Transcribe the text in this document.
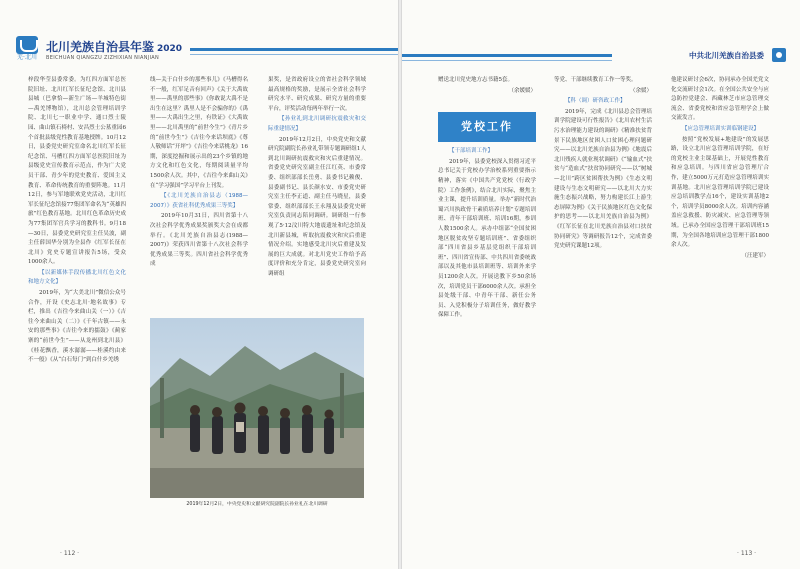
羌·北川
北川羌族自治县年鉴 2020
BEICHUAN QIANGZU ZIZHIXIAN NIANJIAN

梓段华莹县委常委。为红四方面军总医院旧址、北川红军长征纪念馆、北川县县城（巴拿恰—新生广场—羊城特色街—禹羌博物馆），北川总会管理培训学院、北川七一职业中学、通口烈士陵园、曲山镇石椅村、安昌烈士公墓重园6个首批县级党性教育基地授牌。10月12日，县委党史研究室命名北川红军长征纪念馆、马槽红四方面军总医院旧址为县级党史宣传教育示范点，作为广大党员干部、青少年的党史教育、爱国主义教育、革命传统教育的重要阵地。11月12日，参与军地联欢党史活动，北川红军长征纪念馆接77集团军命名为“英雄四旅”红色教育基地。北川红色革命历史成为77集团军官兵学习的教科书。9月18—30日，县委党史研究室主任吴波，副主任薛国华分别为全县作《红军长征在北川》党史专题宣讲报告5场，受众1000余人。

【以新媒体手段传播北川红色文化和地方文化】

2019年，为“大美北川”微信公众号合作，开设《史志北川·地名故事》专栏，推出《吉往今来曲山关（一）》《吉往今来曲山关（二）》《千年古镇——永安的那些事》《吉往今来的擂鼓》《蔺家寨的“前世今生”——从龙州到北川县》《桂花飘香，溪水潺潺——桂溪约由来不一般》《从“白石每门”到白什乡羌绣

线—关于白什乡的那些事儿》《马槽得名不一般，红军足音有回声》《关于大禹故里——禹里的那些事》《你敢说大禹不是出生在这里？禹里人是不会骗你的》《禹里——大禹出生之里，有铁证》《大禹故里——北川禹里的“前世今生”》《青片乡的“前世今生”》《吉往今来话坝底》《尊人敬师话“开坪”》《吉往今来话桃龙》16期，深度挖掘和展示出的23个乡镇的地方文化和红色文化，每期阅读量平均1500余人次。其中，《吉往今来曲山关》在“学习强国”学习平台上刊发。

【《北川羌族自治县志（1988—2007）》获省社科优秀成果三等奖】

2019年10月31日，四川省第十八次社会科学优秀成果奖颁奖大会在成都举行。《北川羌族自治县志(1988—2007)》荣获四川省第十八次社会科学优秀成果三等奖。四川省社会科学优秀成

果奖，是省政府设立的省社会科学领域最高规格的奖励，是展示全省社会科学研究水平、研究成果、研究方量的重要平台，评奖活动每两年举行一次。

【孙业礼到北川调研抗震救灾和交际重建情况】

2019年12月2日，中央党史和文献研究院副院长孙业礼带领专题调研组1人到北川调研抗震救灾和灾后重建情况。省委党史研究室副主任江红英、市委常委、组织部部长岳勇、县委书记赖俊、县委副书记、县长颜水安、市委党史研究室主任李正道、副主任马晓星，县委常委、组织部部长王永翔及县委党史研究室负责同志陪同调研。调研组一行参观了5·12汶川特大地震遗址和纪念馆及北川新县城，听取抗震救灾和灾后重建情况介绍。实地感受北川灾后重建及发展的巨大成就。对北川党史工作给予高度评价和充分肯定，县委党史研究室向调研组

2019年12月2日，中央党史和文献研究院副院长孙业礼在北川调研
· 112 ·
中共北川羌族自治县委

赠送北川党史地方志书籍5套。

（余媛媛）

【干部培训工作】

2019年，县委党校深入贯彻习近平总书记关于党校办学治校系列重要指示精神，落实《中国共产党党校（行政学院）工作条例》，结合北川实际，聚焦主业主课，提升培训质量。举办“新时代治蜀兴川执政骨干素质培养计划”专题培训班、青年干部培训班、培训16期，参训人数1500余人。承办中组部“全国贫困地区脱贫攻坚专题培训班”、省委组织部“四川省县乡基层党组织干部培训班”、四川省宣传部、中共四川省委统战部以及其他市县培训班等、培训外来学员1200余人次。开展送教下乡50余场次，培训党员干部6000余人次。承担全县处级干部、中青年干部、新任公务员、入党积极分子培训任务，做好教学保障工作。

党校工作

等党、干部继续教育工作一等奖。

（余媛）

【科（调）研咨政工作】

2019年，完成《北川县总会管理培训学院建设可行性报告》《北川农村生活污水治理能力建设的调研》《精准扶贫背景下民族地区贫困人口贫困心理问题研究——以北川羌族自治县为例》《地震后北川残疾人就业现状调研》《“输血式”扶贫与“造血式”扶贫协同研究——以“树城—北川”跨区贫困帮扶为例》《生态文明建设与生态文明研究——以北川大力实施生态振兴战略，努力构建长江上游生态屏障为例》《关于民族地区红色文化保护的思考——以北川羌族自治县为例》《红军长征在北川羌族自治县对口扶贫协同研究》等调研报告12个，完成省委党史研究课题12项。

他建议研讨会6次，协同承办全国羌党文化交流研讨会1次。在全国公共安全与应急防控党建会、西藏林芝市应急管理交流会、省委党校和省应急管理学会上做交流发言。

【应急管理培训实训临钢建设】

按照“党校发展+地建设”的发展思路，设立北川应急管理培训学院，在好的党校主业主课基础上，开展党性教育和应急培训。与四川省应急管理厅合作，建立5000万元打造应急管理培训实训基地。北川应急管理培训学院已建设应急培训教学点16个，建设实训基地2个，培训学员8000余人次。培训内容涵盖应急救援、防灾减灾、应急管理等领域。已承办全国应急管理干部培训班15期，为全国各地培训应急管理干部1800余人次。

（汪建军）

· 113 ·
